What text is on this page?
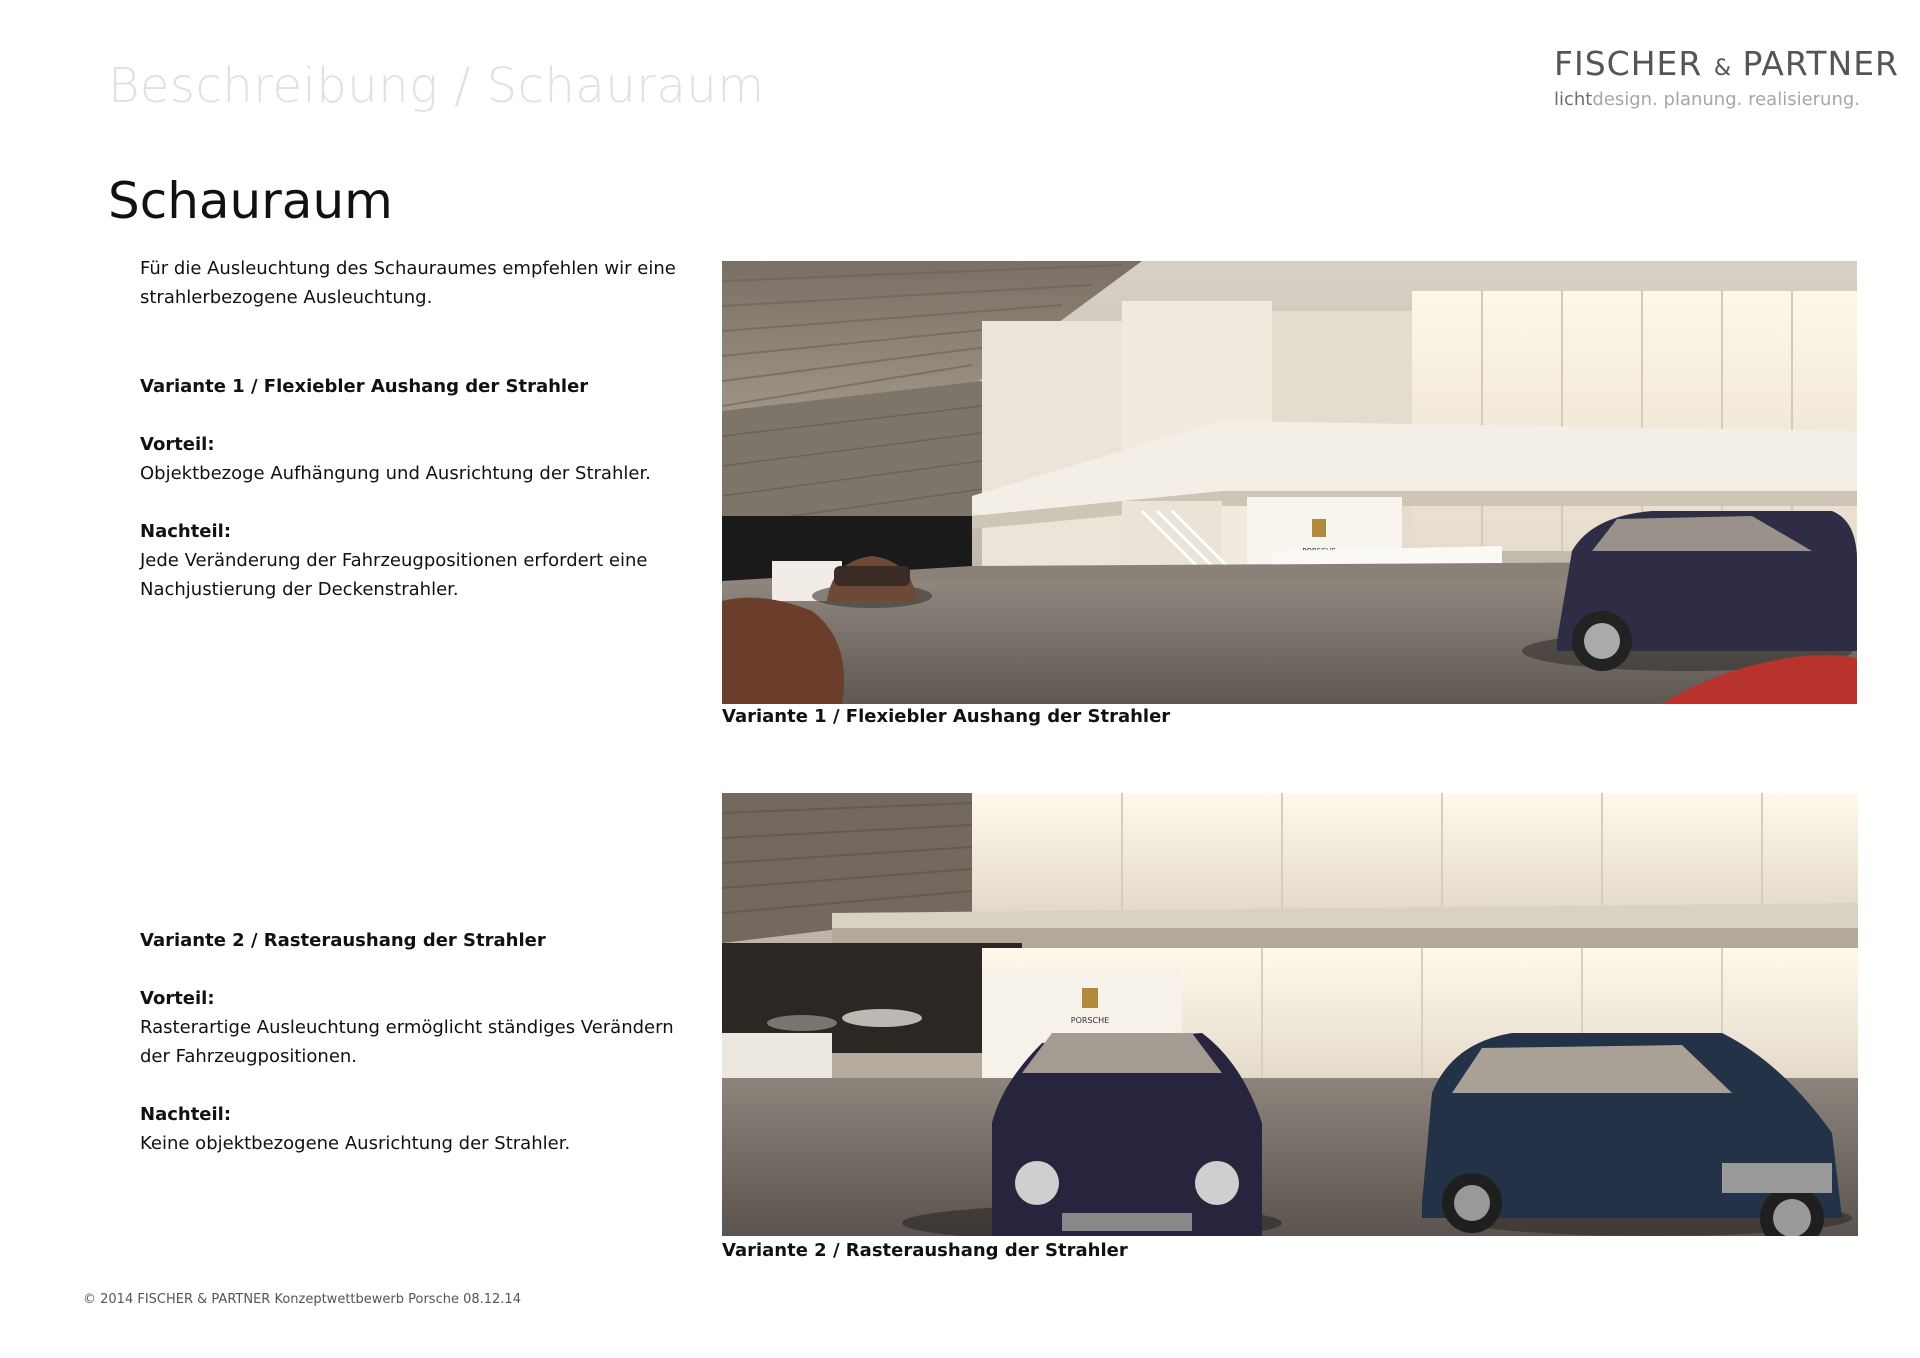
Beschreibung / Schauraum	FISCHER & PARTNER
lichtdesign. planung. realisierung.
Schauraum
Für die Ausleuchtung des Schauraumes empfehlen wir eine
strahlerbezogene Ausleuchtung.
Variante 1 / Flexiebler Aushang der Strahler
Vorteil:
Objektbezoge Aufhängung und Ausrichtung der Strahler.
Nachteil:
Jede Veränderung der Fahrzeugpositionen erfordert eine
Nachjustierung der Deckenstrahler.
Variante 2 / Rasteraushang der Strahler
Vorteil:
Rasterartige Ausleuchtung ermöglicht ständiges Verändern
der Fahrzeugpositionen.
Nachteil:
Keine objektbezogene Ausrichtung der Strahler.
Variante 1 / Flexiebler Aushang der Strahler
PORSCHE
Variante 2 / Rasteraushang der Strahler
© 2014 FISCHER & PARTNER Konzeptwettbewerb Porsche 08.12.14
